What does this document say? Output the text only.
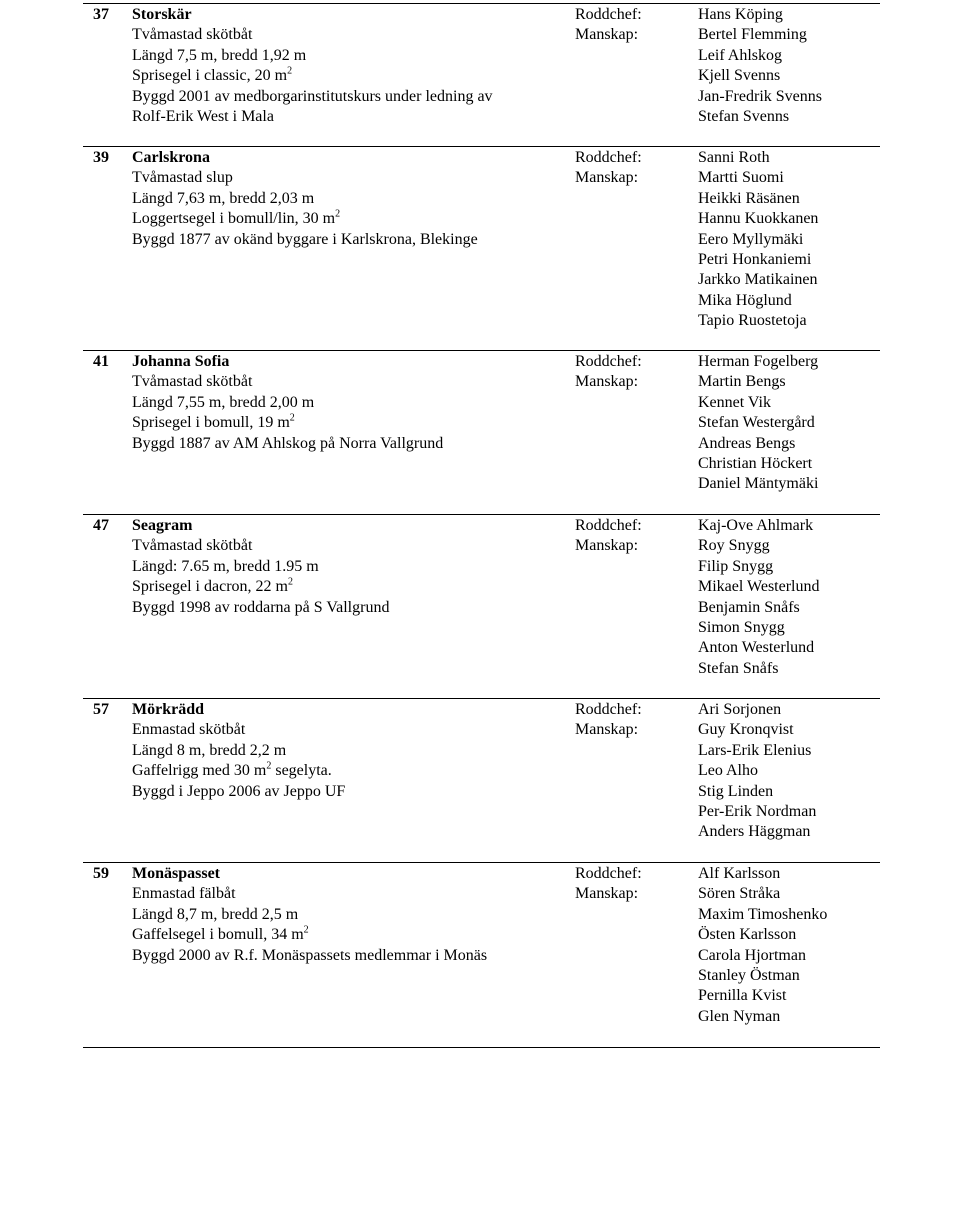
37 Storskär
Tvåmastad skötbåt
Längd 7,5 m, bredd 1,92 m
Sprisegel i classic, 20 $m^2$
Byggd 2001 av medborgarinstitutskurs under ledning av
Rolf-Erik West i Mala
Roddchef:
Manskap:
Hans Köping
Bertel Flemming
Leif Ahlskog
Kjell Svenns
Jan-Fredrik Svenns
Stefan Svenns
39 Carlskrona
Tvåmastad slup
Längd 7,63 m, bredd 2,03 m
Loggertsegel i bomull/lin, 30 $m^2$
Byggd 1877 av okänd byggare i Karlskrona, Blekinge
Roddchef:
Manskap:
Sanni Roth
Martti Suomi
Heikki Räsänen
Hannu Kuokkanen
Eero Myllymäki
Petri Honkaniemi
Jarkko Matikainen
Mika Höglund
Tapio Ruostetoja
41 Johanna Sofia
Tvåmastad skötbåt
Längd 7,55 m, bredd 2,00 m
Sprisegel i bomull, 19 $m^2$
Byggd 1887 av AM Ahlskog på Norra Vallgrund
Roddchef:
Manskap:
Herman Fogelberg
Martin Bengs
Kennet Vik
Stefan Westergård
Andreas Bengs
Christian Höckert
Daniel Mäntymäki
47 Seagram
Tvåmastad skötbåt
Längd: 7.65 m, bredd 1.95 m
Sprisegel i dacron, 22 $m^2$
Byggd 1998 av roddarna på S Vallgrund
Roddchef:
Manskap:
Kaj-Ove Ahlmark
Roy Snygg
Filip Snygg
Mikael Westerlund
Benjamin Snåfs
Simon Snygg
Anton Westerlund
Stefan Snåfs
57 Mörkrädd
Enmastad skötbåt
Längd 8 m, bredd 2,2 m
Gaffelrigg med 30 $m^2$ segelyta.
Byggd i Jeppo 2006 av Jeppo UF
Roddchef:
Manskap:
Ari Sorjonen
Guy Kronqvist
Lars-Erik Elenius
Leo Alho
Stig Linden
Per-Erik Nordman
Anders Häggman
59 Monäspasset
Enmastad fälbåt
Längd 8,7 m, bredd 2,5 m
Gaffelsegel i bomull, 34 $m^2$
Byggd 2000 av R.f. Monäspassets medlemmar i Monäs
Roddchef:
Manskap:
Alf Karlsson
Sören Stråka
Maxim Timoshenko
Östen Karlsson
Carola Hjortman
Stanley Östman
Pernilla Kvist
Glen Nyman
